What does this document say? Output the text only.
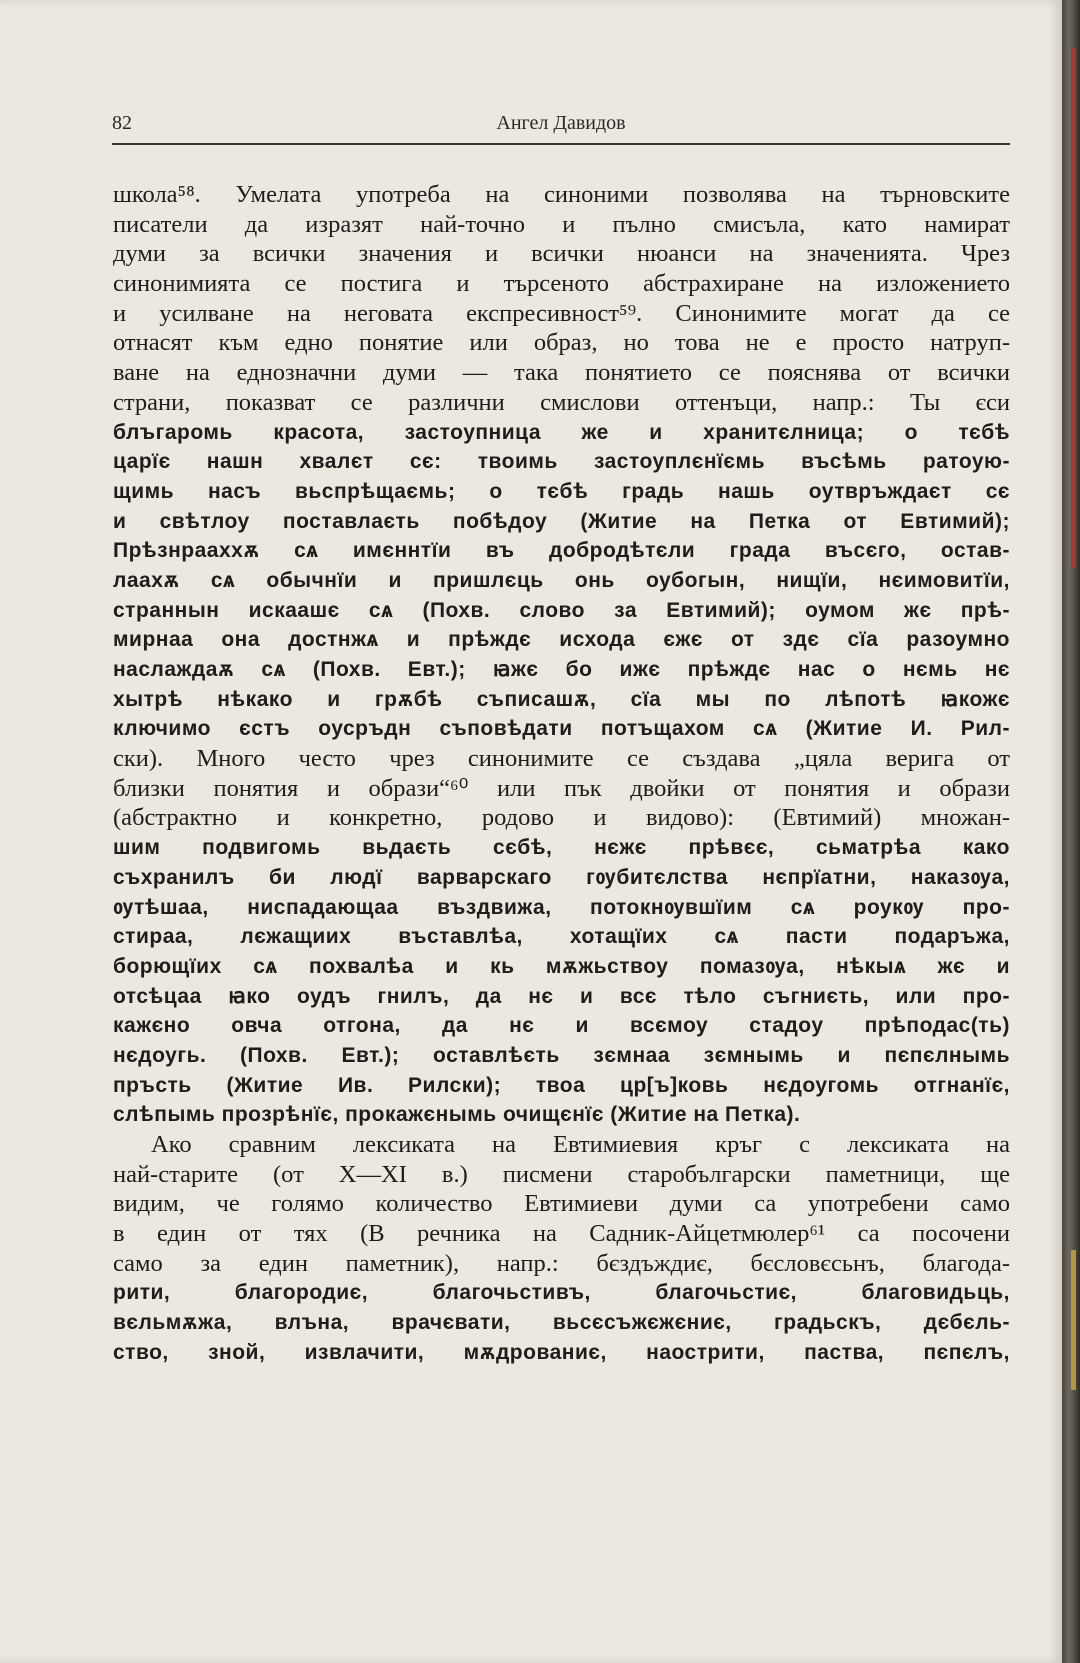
82	Ангел Давидов
школа⁵⁸. Умелата употреба на синоними позволява на търновските
писатели да изразят най-точно и пълно смисъла, като намират
думи за всички значения и всички нюанси на значенията. Чрез
синонимията се постига и търсеното абстрахиране на изложението
и усилване на неговата експресивност⁵⁹. Синонимите могат да се
отнасят към едно понятие или образ, но това не е просто натруп-
ване на еднозначни думи — така понятието се пояснява от всички
страни, показват се различни смислови оттенъци, напр.: Ты єси
блъгаромь красота, застоупница же и хранитєлница; о тєбѣ
царїє нашн хвалєт сє: твоимь застоуплєнїємь въсѣмь ратоую-
щимь насъ вьспрѣщаємь; о тєбѣ градь нашь оутвръждаєт сє
и свѣтлоу поставлаєть побѣдоу (Житие на Петка от Евтимий);
Прѣзнрааххѫ сѧ имєннтїи въ добродѣтєли града въсєго, остав-
лаахѫ сѧ обычнїи и пришлєць онь оубогын, нищїи, нєимовитїи,
страннын искаашє сѧ (Похв. слово за Евтимий); оумом жє прѣ-
мирнаа она достнжѧ и прѣждє исхода єжє от здє сїа разоумно
наслаждаѫ сѧ (Похв. Евт.); ꙗжє бо ижє прѣждє нас о нємь нє
хытрѣ нѣкако и грѫбѣ съписашѫ, сїа мы по лѣпотѣ ꙗкожє
ключимо єстъ оусръдн съповѣдати потъщахом сѧ (Житие И. Рил-
ски). Много често чрез синонимите се създава „цяла верига от
близки понятия и образи“⁶⁰ или пък двойки от понятия и образи
(абстрактно и конкретно, родово и видово): (Евтимий) множан-
шим подвигомь вьдаєть сєбѣ, нєжє прѣвєє, сьматрѣа како
съхранилъ би людї варварскаго гѹбитєлства нєпрїатни, наказѹа,
ѹтѣшаа, ниспадающаа въздвижа, потокнѹвшїим сѧ роукѹ про-
стираа, лєжащиих въставлѣа, хотащїих сѧ пасти подаръжа,
борющїих сѧ похвалѣа и кь мѫжьствоу помазѹа, нѣкыѧ жє и
отсѣцаа ꙗко оудъ гнилъ, да нє и всє тѣло съгниєть, или про-
кажєно овча отгона, да нє и всємоу стадоу прѣподас(ть)
нєдоугь. (Похв. Евт.); оставлѣєть зємнаа зємнымь и пєпєлнымь
пръсть (Житие Ив. Рилски); твоа цр[ъ]ковь нєдоугомь отгнанїє,
слѣпымь прозрѣнїє, прокажєнымь очищєнїє (Житие на Петка).
Ако сравним лексиката на Евтимиевия кръг с лексиката на
най-старите (от X—XI в.) писмени старобългарски паметници, ще
видим, че голямо количество Евтимиеви думи са употребени само
в един от тях (В речника на Садник-Айцетмюлер⁶¹ са посочени
само за един паметник), напр.: бєздъждиє, бєсловєсьнъ, благода-
рити, благородиє, благочьстивъ, благочьстиє, благовидьць,
вєльмѫжа, влъна, врачєвати, вьсєсъжєжєниє, градьскъ, дєбєль-
ство, зной, извлачити, мѫдрованиє, наострити, паства, пєпєлъ,
